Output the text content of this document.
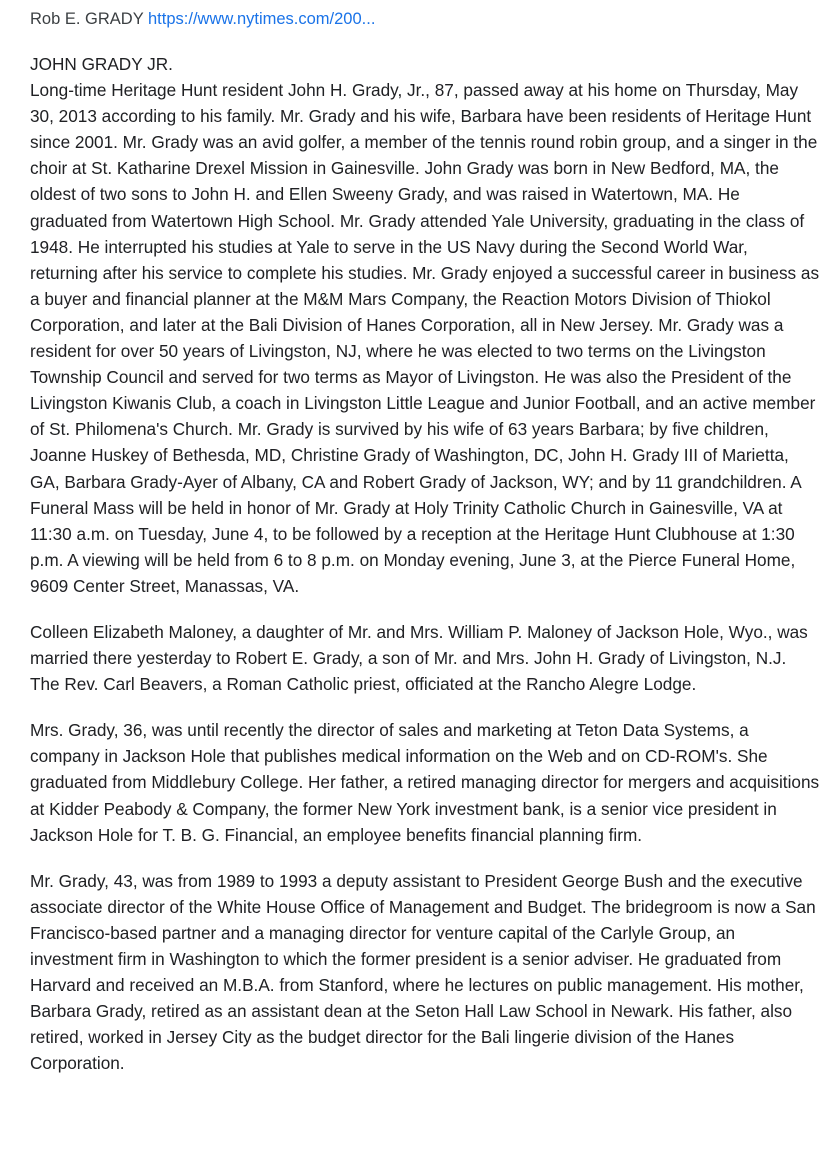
Rob E. GRADY https://www.nytimes.com/200...
JOHN GRADY JR.
Long-time Heritage Hunt resident John H. Grady, Jr., 87, passed away at his home on Thursday, May 30, 2013 according to his family. Mr. Grady and his wife, Barbara have been residents of Heritage Hunt since 2001. Mr. Grady was an avid golfer, a member of the tennis round robin group, and a singer in the choir at St. Katharine Drexel Mission in Gainesville. John Grady was born in New Bedford, MA, the oldest of two sons to John H. and Ellen Sweeny Grady, and was raised in Watertown, MA. He graduated from Watertown High School. Mr. Grady attended Yale University, graduating in the class of 1948. He interrupted his studies at Yale to serve in the US Navy during the Second World War, returning after his service to complete his studies. Mr. Grady enjoyed a successful career in business as a buyer and financial planner at the M&M Mars Company, the Reaction Motors Division of Thiokol Corporation, and later at the Bali Division of Hanes Corporation, all in New Jersey. Mr. Grady was a resident for over 50 years of Livingston, NJ, where he was elected to two terms on the Livingston Township Council and served for two terms as Mayor of Livingston. He was also the President of the Livingston Kiwanis Club, a coach in Livingston Little League and Junior Football, and an active member of St. Philomena's Church. Mr. Grady is survived by his wife of 63 years Barbara; by five children, Joanne Huskey of Bethesda, MD, Christine Grady of Washington, DC, John H. Grady III of Marietta, GA, Barbara Grady-Ayer of Albany, CA and Robert Grady of Jackson, WY; and by 11 grandchildren. A Funeral Mass will be held in honor of Mr. Grady at Holy Trinity Catholic Church in Gainesville, VA at 11:30 a.m. on Tuesday, June 4, to be followed by a reception at the Heritage Hunt Clubhouse at 1:30 p.m. A viewing will be held from 6 to 8 p.m. on Monday evening, June 3, at the Pierce Funeral Home, 9609 Center Street, Manassas, VA.
Colleen Elizabeth Maloney, a daughter of Mr. and Mrs. William P. Maloney of Jackson Hole, Wyo., was married there yesterday to Robert E. Grady, a son of Mr. and Mrs. John H. Grady of Livingston, N.J. The Rev. Carl Beavers, a Roman Catholic priest, officiated at the Rancho Alegre Lodge.
Mrs. Grady, 36, was until recently the director of sales and marketing at Teton Data Systems, a company in Jackson Hole that publishes medical information on the Web and on CD-ROM's. She graduated from Middlebury College. Her father, a retired managing director for mergers and acquisitions at Kidder Peabody & Company, the former New York investment bank, is a senior vice president in Jackson Hole for T. B. G. Financial, an employee benefits financial planning firm.
Mr. Grady, 43, was from 1989 to 1993 a deputy assistant to President George Bush and the executive associate director of the White House Office of Management and Budget. The bridegroom is now a San Francisco-based partner and a managing director for venture capital of the Carlyle Group, an investment firm in Washington to which the former president is a senior adviser. He graduated from Harvard and received an M.B.A. from Stanford, where he lectures on public management. His mother, Barbara Grady, retired as an assistant dean at the Seton Hall Law School in Newark. His father, also retired, worked in Jersey City as the budget director for the Bali lingerie division of the Hanes Corporation.
